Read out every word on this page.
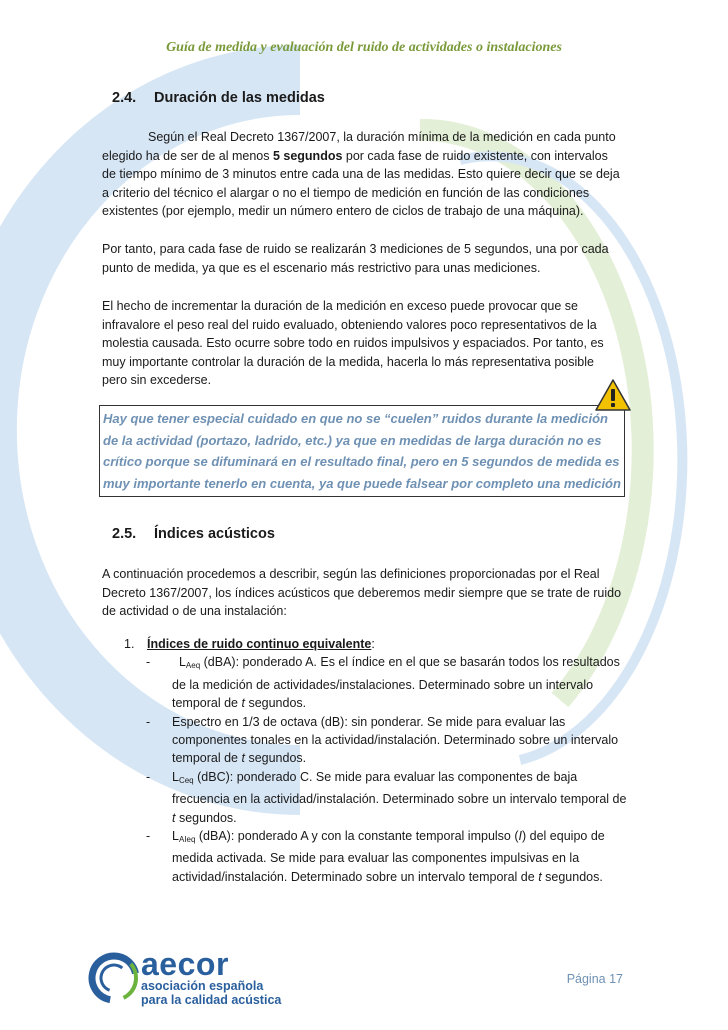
Guía de medida y evaluación del ruido de actividades o instalaciones
2.4. Duración de las medidas

Según el Real Decreto 1367/2007, la duración mínima de la medición en cada punto elegido ha de ser de al menos 5 segundos por cada fase de ruido existente, con intervalos de tiempo mínimo de 3 minutos entre cada una de las medidas. Esto quiere decir que se deja a criterio del técnico el alargar o no el tiempo de medición en función de las condiciones existentes (por ejemplo, medir un número entero de ciclos de trabajo de una máquina).

Por tanto, para cada fase de ruido se realizarán 3 mediciones de 5 segundos, una por cada punto de medida, ya que es el escenario más restrictivo para unas mediciones.

El hecho de incrementar la duración de la medición en exceso puede provocar que se infravalore el peso real del ruido evaluado, obteniendo valores poco representativos de la molestia causada. Esto ocurre sobre todo en ruidos impulsivos y espaciados. Por tanto, es muy importante controlar la duración de la medida, hacerla lo más representativa posible pero sin excederse.

Hay que tener especial cuidado en que no se “cuelen” ruidos durante la medición de la actividad (portazo, ladrido, etc.) ya que en medidas de larga duración no es crítico porque se difuminará en el resultado final, pero en 5 segundos de medida es muy importante tenerlo en cuenta, ya que puede falsear por completo una medición
2.5. Índices acústicos

A continuación procedemos a describir, según las definiciones proporcionadas por el Real Decreto 1367/2007, los índices acústicos que deberemos medir siempre que se trate de ruido de actividad o de una instalación:

1. Índices de ruido continuo equivalente:
- $L_{Aeq}$ (dBA): ponderado A. Es el índice en el que se basarán todos los resultados de la medición de actividades/instalaciones. Determinado sobre un intervalo temporal de t segundos.
- Espectro en 1/3 de octava (dB): sin ponderar. Se mide para evaluar las componentes tonales en la actividad/instalación. Determinado sobre un intervalo temporal de t segundos.
- $L_{Ceq}$ (dBC): ponderado C. Se mide para evaluar las componentes de baja frecuencia en la actividad/instalación. Determinado sobre un intervalo temporal de t segundos.
- $L_{AIeq}$ (dBA): ponderado A y con la constante temporal impulso (I) del equipo de medida activada. Se mide para evaluar las componentes impulsivas en la actividad/instalación. Determinado sobre un intervalo temporal de t segundos.
aecor
asociación española
para la calidad acústica
Página 17
